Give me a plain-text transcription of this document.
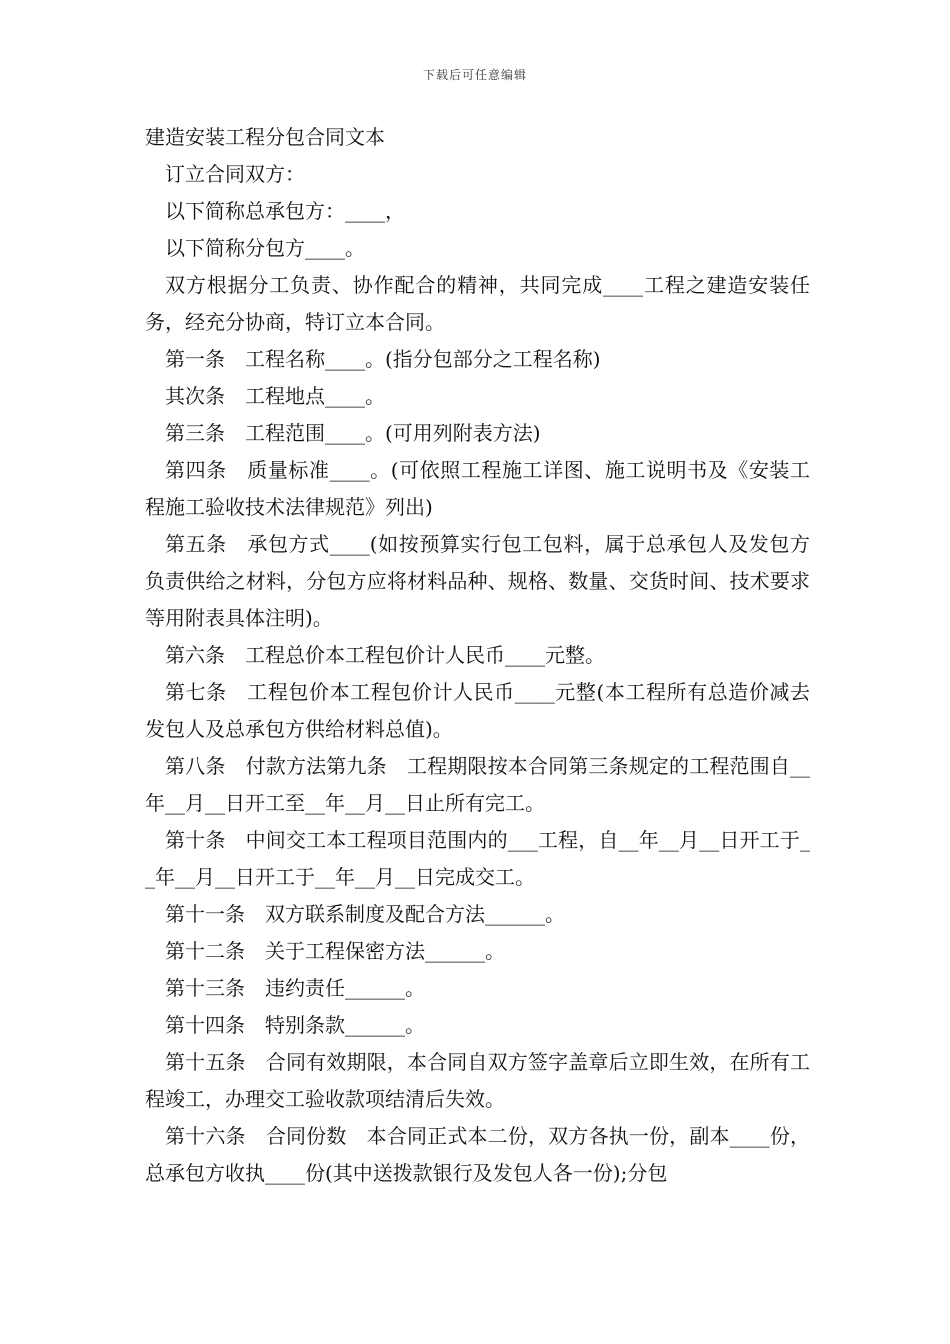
下载后可任意编辑
建造安装工程分包合同文本

订立合同双方：

以下简称总承包方：____，

以下简称分包方____。

双方根据分工负责、协作配合的精神，共同完成____工程之建造安装任务，经充分协商，特订立本合同。

第一条　工程名称____。(指分包部分之工程名称)

其次条　工程地点____。

第三条　工程范围____。(可用列附表方法)

第四条　质量标准____。(可依照工程施工详图、施工说明书及《安装工程施工验收技术法律规范》列出)

第五条　承包方式____(如按预算实行包工包料，属于总承包人及发包方负责供给之材料，分包方应将材料品种、规格、数量、交货时间、技术要求等用附表具体注明)。

第六条　工程总价本工程包价计人民币____元整。

第七条　工程包价本工程包价计人民币____元整(本工程所有总造价减去发包人及总承包方供给材料总值)。

第八条　付款方法第九条　工程期限按本合同第三条规定的工程范围自__年__月__日开工至__年__月__日止所有完工。

第十条　中间交工本工程项目范围内的___工程，自__年__月__日开工于__年__月__日开工于__年__月__日完成交工。

第十一条　双方联系制度及配合方法______。

第十二条　关于工程保密方法______。

第十三条　违约责任______。

第十四条　特别条款______。

第十五条　合同有效期限，本合同自双方签字盖章后立即生效，在所有工程竣工，办理交工验收款项结清后失效。

第十六条　合同份数　本合同正式本二份，双方各执一份，副本____份，总承包方收执____份(其中送拨款银行及发包人各一份);分包
